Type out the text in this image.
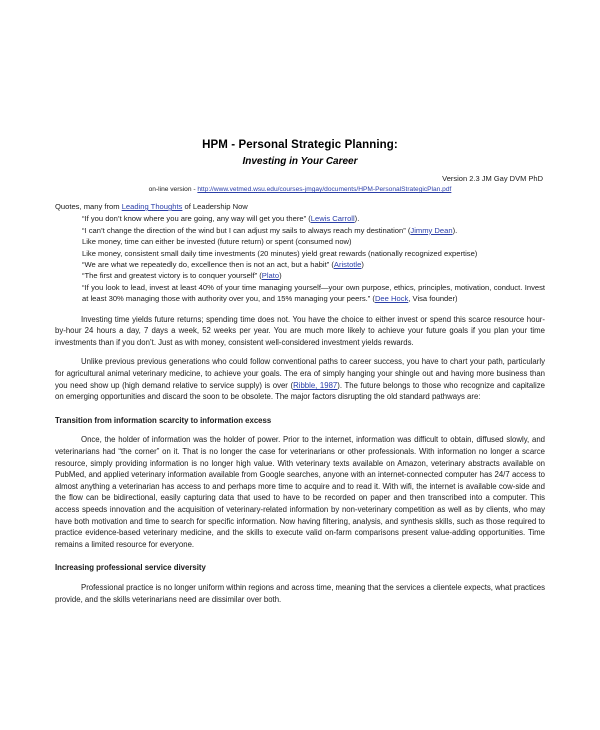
HPM - Personal Strategic Planning:
Investing in Your Career
Version 2.3 JM Gay DVM PhD
on-line version - http://www.vetmed.wsu.edu/courses-jmgay/documents/HPM-PersonalStrategicPlan.pdf
Quotes, many from Leading Thoughts of Leadership Now

“If you don’t know where you are going, any way will get you there” (Lewis Carroll).

“I can’t change the direction of the wind but I can adjust my sails to always reach my destination” (Jimmy Dean).

Like money, time can either be invested (future return) or spent (consumed now)

Like money, consistent small daily time investments (20 minutes) yield great rewards (nationally recognized expertise)

“We are what we repeatedly do, excellence then is not an act, but a habit” (Aristotle)

“The first and greatest victory is to conquer yourself” (Plato)

“If you look to lead, invest at least 40% of your time managing yourself—your own purpose, ethics, principles, motivation, conduct. Invest at least 30% managing those with authority over you, and 15% managing your peers.” (Dee Hock, Visa founder)

Investing time yields future returns; spending time does not. You have the choice to either invest or spend this scarce resource hour-by-hour 24 hours a day, 7 days a week, 52 weeks per year. You are much more likely to achieve your future goals if you plan your time investments than if you don’t. Just as with money, consistent well-considered investment yields rewards.

Unlike previous previous generations who could follow conventional paths to career success, you have to chart your path, particularly for agricultural animal veterinary medicine, to achieve your goals. The era of simply hanging your shingle out and having more business than you need show up (high demand relative to service supply) is over (Ribble, 1987). The future belongs to those who recognize and capitalize on emerging opportunities and discard the soon to be obsolete. The major factors disrupting the old standard pathways are:

Transition from information scarcity to information excess

Once, the holder of information was the holder of power. Prior to the internet, information was difficult to obtain, diffused slowly, and veterinarians had “the corner” on it. That is no longer the case for veterinarians or other professionals. With information no longer a scarce resource, simply providing information is no longer high value. With veterinary texts available on Amazon, veterinary abstracts available on PubMed, and applied veterinary information available from Google searches, anyone with an internet-connected computer has 24/7 access to almost anything a veterinarian has access to and perhaps more time to acquire and to read it. With wifi, the internet is available cow-side and the flow can be bidirectional, easily capturing data that used to have to be recorded on paper and then transcribed into a computer. This access speeds innovation and the acquisition of veterinary-related information by non-veterinary competition as well as by clients, who may have both motivation and time to search for specific information. Now having filtering, analysis, and synthesis skills, such as those required to practice evidence-based veterinary medicine, and the skills to execute valid on-farm comparisons present value-adding opportunities. Time remains a limited resource for everyone.

Increasing professional service diversity

Professional practice is no longer uniform within regions and across time, meaning that the services a clientele expects, what practices provide, and the skills veterinarians need are dissimilar over both.
